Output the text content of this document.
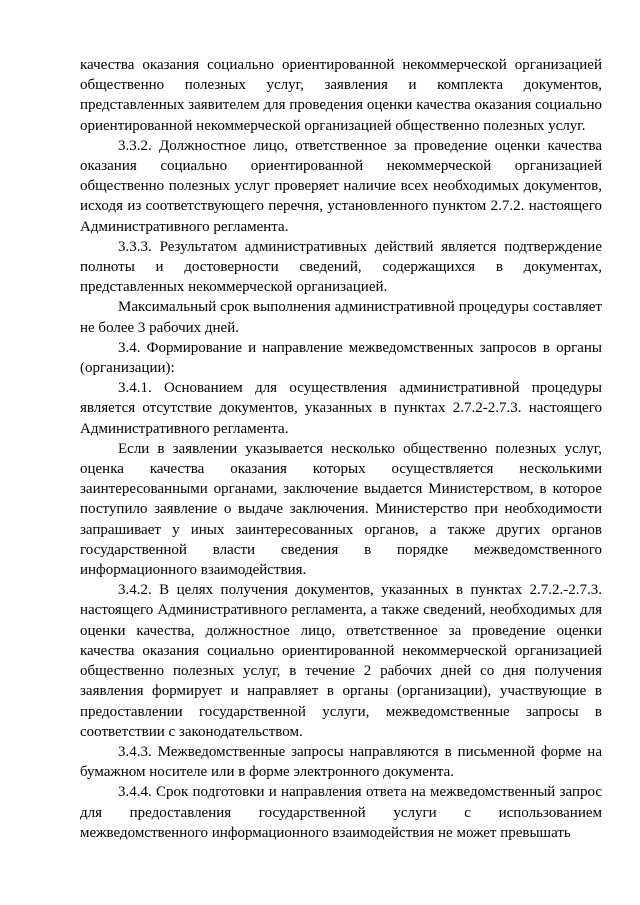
качества оказания социально ориентированной некоммерческой организацией общественно полезных услуг, заявления и комплекта документов, представленных заявителем для проведения оценки качества оказания социально ориентированной некоммерческой организацией общественно полезных услуг.

3.3.2. Должностное лицо, ответственное за проведение оценки качества оказания социально ориентированной некоммерческой организацией общественно полезных услуг проверяет наличие всех необходимых документов, исходя из соответствующего перечня, установленного пунктом 2.7.2. настоящего Административного регламента.

3.3.3. Результатом административных действий является подтверждение полноты и достоверности сведений, содержащихся в документах, представленных некоммерческой организацией.

Максимальный срок выполнения административной процедуры составляет не более 3 рабочих дней.

3.4. Формирование и направление межведомственных запросов в органы (организации):

3.4.1. Основанием для осуществления административной процедуры является отсутствие документов, указанных в пунктах 2.7.2-2.7.3. настоящего Административного регламента.

Если в заявлении указывается несколько общественно полезных услуг, оценка качества оказания которых осуществляется несколькими заинтересованными органами, заключение выдается Министерством, в которое поступило заявление о выдаче заключения. Министерство при необходимости запрашивает у иных заинтересованных органов, а также других органов государственной власти сведения в порядке межведомственного информационного взаимодействия.

3.4.2. В целях получения документов, указанных в пунктах 2.7.2.-2.7.3. настоящего Административного регламента, а также сведений, необходимых для оценки качества, должностное лицо, ответственное за проведение оценки качества оказания социально ориентированной некоммерческой организацией общественно полезных услуг, в течение 2 рабочих дней со дня получения заявления формирует и направляет в органы (организации), участвующие в предоставлении государственной услуги, межведомственные запросы в соответствии с законодательством.

3.4.3. Межведомственные запросы направляются в письменной форме на бумажном носителе или в форме электронного документа.

3.4.4. Срок подготовки и направления ответа на межведомственный запрос для предоставления государственной услуги с использованием межведомственного информационного взаимодействия не может превышать
